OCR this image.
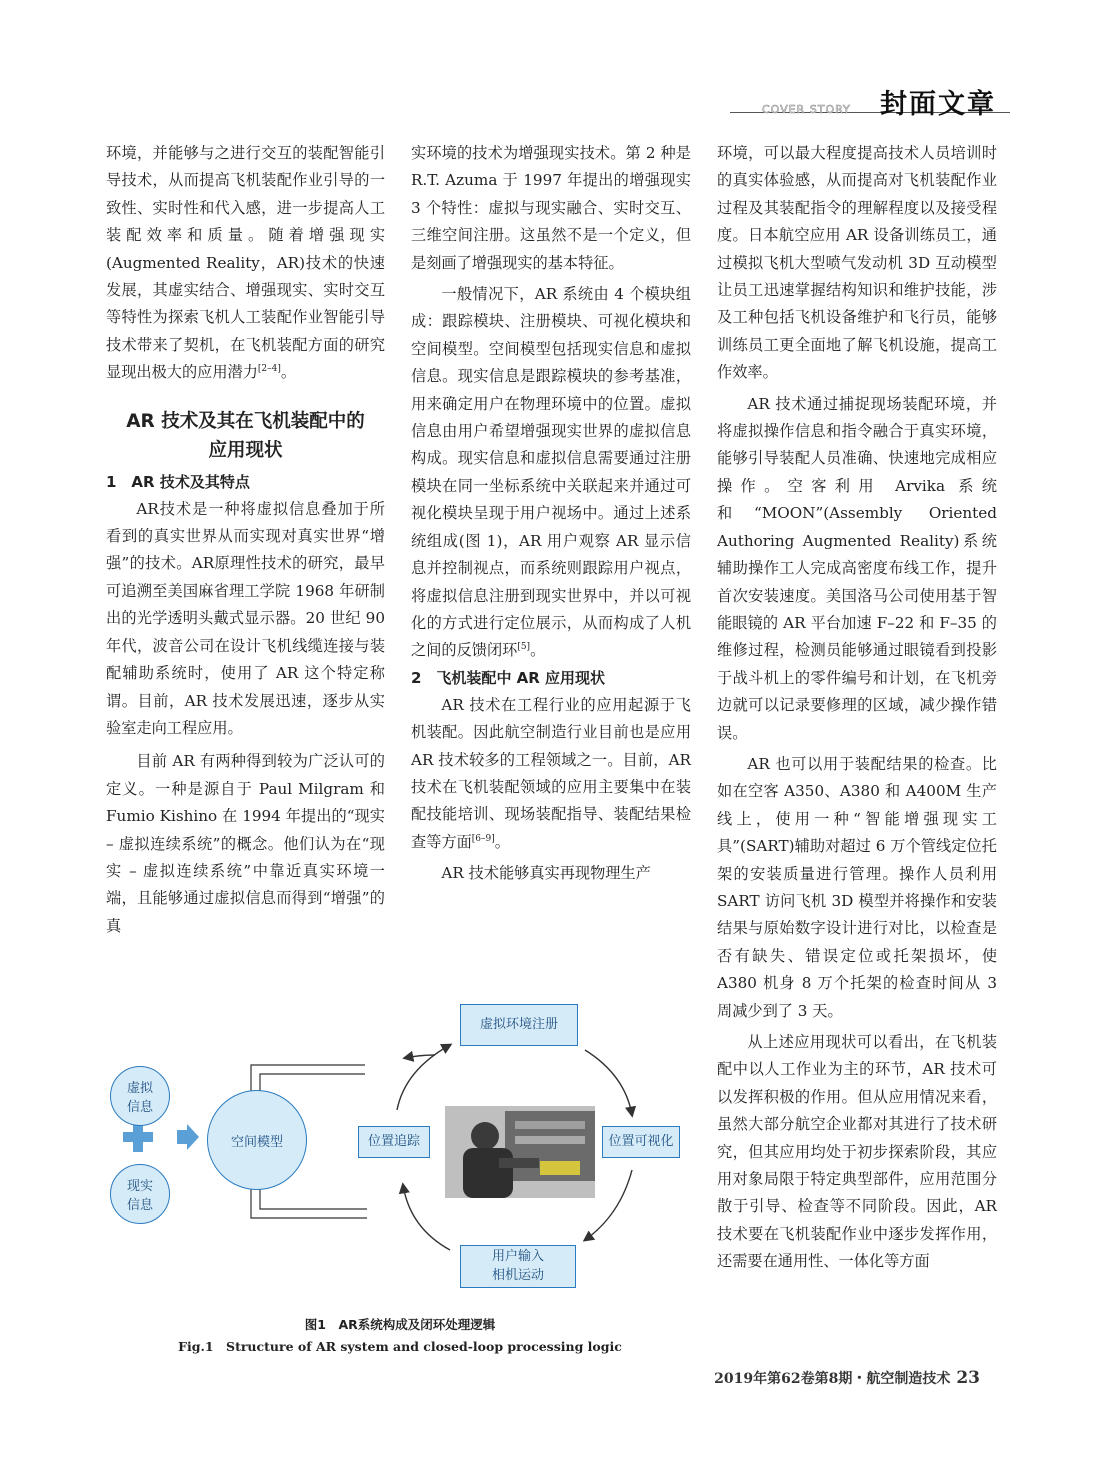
COVER STORY 封面文章

环境，并能够与之进行交互的装配智能引导技术，从而提高飞机装配作业引导的一致性、实时性和代入感，进一步提高人工装配效率和质量。随着增强现实(Augmented Reality，AR)技术的快速发展，其虚实结合、增强现实、实时交互等特性为探索飞机人工装配作业智能引导技术带来了契机，在飞机装配方面的研究显现出极大的应用潜力[2–4]。

AR 技术及其在飞机装配中的应用现状
1　AR 技术及其特点

AR技术是一种将虚拟信息叠加于所看到的真实世界从而实现对真实世界“增强”的技术。AR原理性技术的研究，最早可追溯至美国麻省理工学院 1968 年研制出的光学透明头戴式显示器。20 世纪 90 年代，波音公司在设计飞机线缆连接与装配辅助系统时，使用了 AR 这个特定称谓。目前，AR 技术发展迅速，逐步从实验室走向工程应用。

目前 AR 有两种得到较为广泛认可的定义。一种是源自于 Paul Milgram 和 Fumio Kishino 在 1994 年提出的“现实 – 虚拟连续系统”的概念。他们认为在“现实 – 虚拟连续系统”中靠近真实环境一端，且能够通过虚拟信息而得到“增强”的真

实环境的技术为增强现实技术。第 2 种是 R.T. Azuma 于 1997 年提出的增强现实 3 个特性：虚拟与现实融合、实时交互、三维空间注册。这虽然不是一个定义，但是刻画了增强现实的基本特征。

一般情况下，AR 系统由 4 个模块组成：跟踪模块、注册模块、可视化模块和空间模型。空间模型包括现实信息和虚拟信息。现实信息是跟踪模块的参考基准，用来确定用户在物理环境中的位置。虚拟信息由用户希望增强现实世界的虚拟信息构成。现实信息和虚拟信息需要通过注册模块在同一坐标系统中关联起来并通过可视化模块呈现于用户视场中。通过上述系统组成(图 1)，AR 用户观察 AR 显示信息并控制视点，而系统则跟踪用户视点，将虚拟信息注册到现实世界中，并以可视化的方式进行定位展示，从而构成了人机之间的反馈闭环[5]。

2　飞机装配中 AR 应用现状

AR 技术在工程行业的应用起源于飞机装配。因此航空制造行业目前也是应用 AR 技术较多的工程领域之一。目前，AR 技术在飞机装配领域的应用主要集中在装配技能培训、现场装配指导、装配结果检查等方面[6–9]。

AR 技术能够真实再现物理生产

环境，可以最大程度提高技术人员培训时的真实体验感，从而提高对飞机装配作业过程及其装配指令的理解程度以及接受程度。日本航空应用 AR 设备训练员工，通过模拟飞机大型喷气发动机 3D 互动模型让员工迅速掌握结构知识和维护技能，涉及工种包括飞机设备维护和飞行员，能够训练员工更全面地了解飞机设施，提高工作效率。

AR 技术通过捕捉现场装配环境，并将虚拟操作信息和指令融合于真实环境，能够引导装配人员准确、快速地完成相应操作。空客利用 Arvika 系统和“MOON”(Assembly Oriented Authoring Augmented Reality)系统辅助操作工人完成高密度布线工作，提升首次安装速度。美国洛马公司使用基于智能眼镜的 AR 平台加速 F–22 和 F–35 的维修过程，检测员能够通过眼镜看到投影于战斗机上的零件编号和计划，在飞机旁边就可以记录要修理的区域，减少操作错误。

AR 也可以用于装配结果的检查。比如在空客 A350、A380 和 A400M 生产线上，使用一种“智能增强现实工具”(SART)辅助对超过 6 万个管线定位托架的安装质量进行管理。操作人员利用 SART 访问飞机 3D 模型并将操作和安装结果与原始数字设计进行对比，以检查是否有缺失、错误定位或托架损坏，使 A380 机身 8 万个托架的检查时间从 3 周减少到了 3 天。

从上述应用现状可以看出，在飞机装配中以人工作业为主的环节，AR 技术可以发挥积极的作用。但从应用情况来看，虽然大部分航空企业都对其进行了技术研究，但其应用均处于初步探索阶段，其应用对象局限于特定典型部件，应用范围分散于引导、检查等不同阶段。因此，AR 技术要在飞机装配作业中逐步发挥作用，还需要在通用性、一体化等方面

虚拟
信息
现实
信息
空间模型	位置追踪
虚拟环境注册
位置可视化
用户输入
相机运动
图1　AR系统构成及闭环处理逻辑
Fig.1　Structure of AR system and closed-loop processing logic
2019年第62卷第8期・航空制造技术 23
